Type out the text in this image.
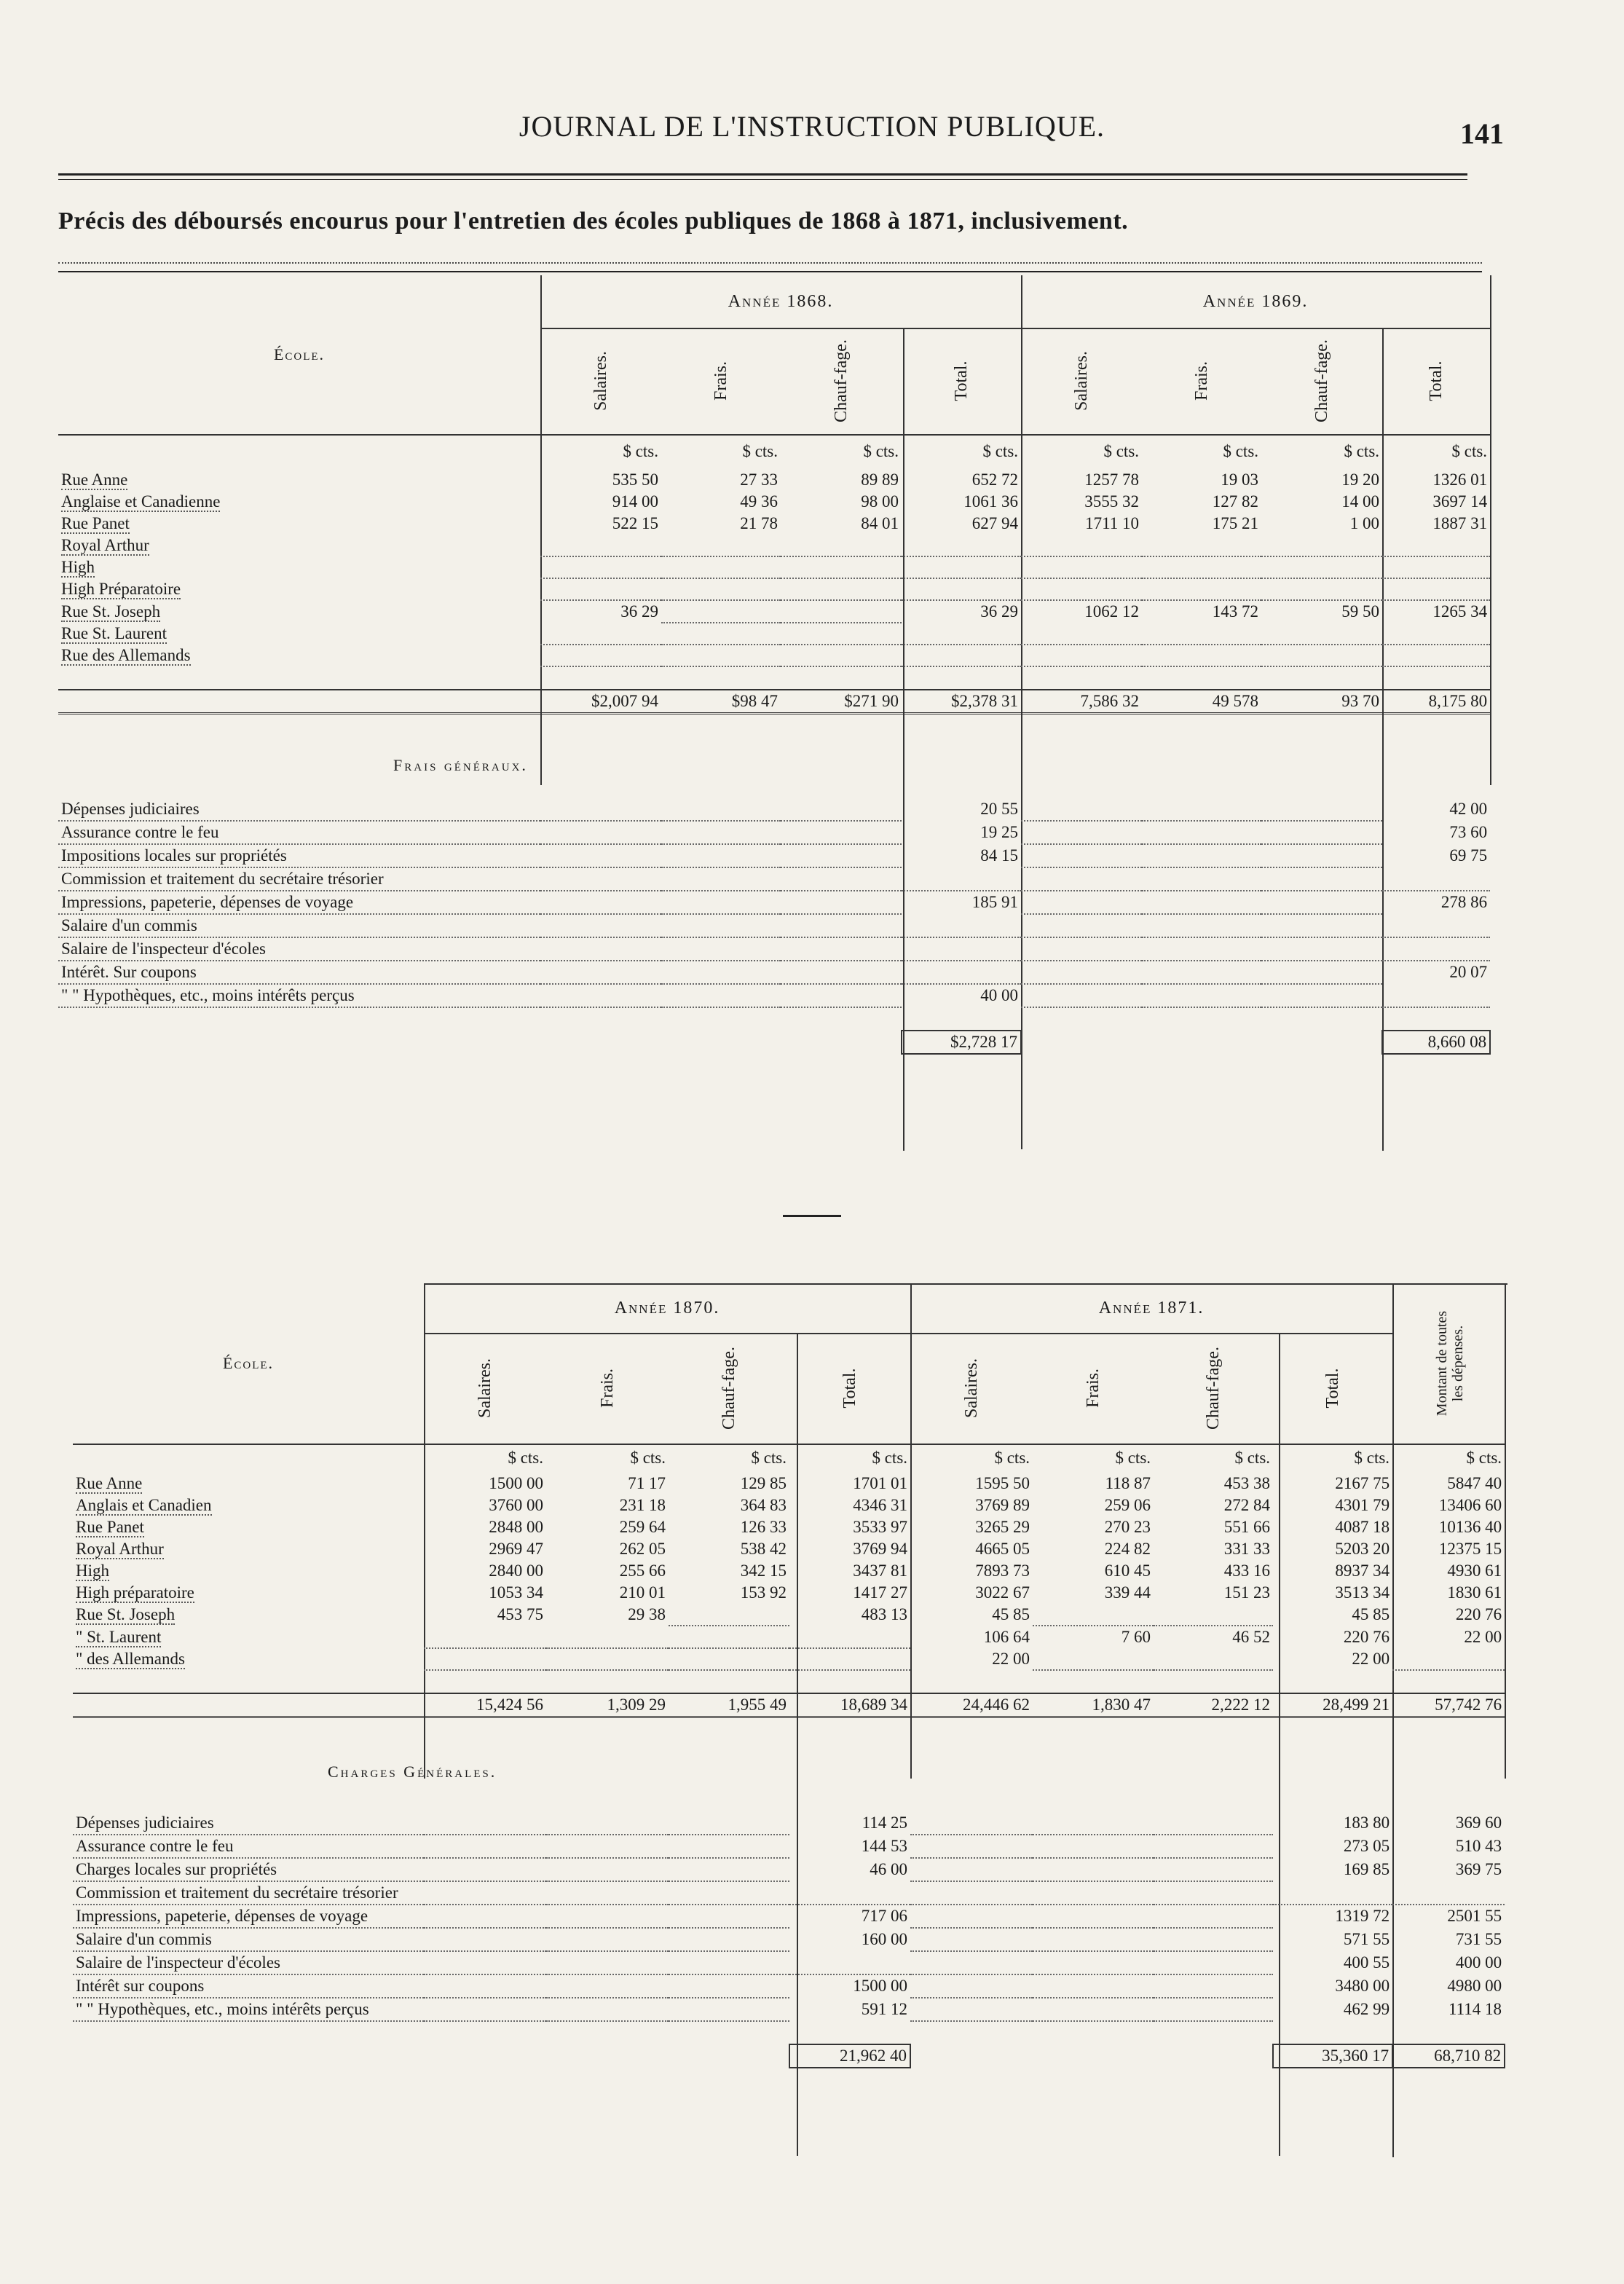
JOURNAL DE L'INSTRUCTION PUBLIQUE.	141
Précis des déboursés encourus pour l'entretien des écoles publiques de 1868 à 1871, inclusivement.
École.	Année 1868.				Année 1869.			

	Salaires.	Frais.	Chauf-fage.	Total.	Salaires.	Frais.	Chauf-fage.	Total.

	$ cts.	$ cts.	$ cts.	$ cts.	$ cts.	$ cts.	$ cts.	$ cts.
Rue Anne	535 50	27 33	89 89	652 72	1257 78	19 03	19 20	1326 01
Anglaise et Canadienne	914 00	49 36	98 00	1061 36	3555 32	127 82	14 00	3697 14
Rue Panet	522 15	21 78	84 01	627 94	1711 10	175 21	1 00	1887 31
Royal Arthur								
High								
High Préparatoire								
Rue St. Joseph	36 29			36 29	1062 12	143 72	59 50	1265 34
Rue St. Laurent								
Rue des Allemands								

	$2,007 94	$98 47	$271 90	$2,378 31	7,586 32	49 578	93 70	8,175 80

Frais généraux.								

Dépenses judiciaires				20 55				42 00
Assurance contre le feu				19 25				73 60
Impositions locales sur propriétés				84 15				69 75
Commission et traitement du secrétaire trésorier								
Impressions, papeterie, dépenses de voyage				185 91				278 86
Salaire d'un commis								
Salaire de l'inspecteur d'écoles								
Intérêt. Sur coupons								20 07
" " Hypothèques, etc., moins intérêts perçus				40 00				

				$2,728 17				8,660 08
École.	Année 1870.				Année 1871.				Montant de toutes les dépenses.

	Salaires.	Frais.	Chauf-fage.	Total.	Salaires.	Frais.	Chauf-fage.	Total.	

	$ cts.	$ cts.	$ cts.	$ cts.	$ cts.	$ cts.	$ cts.	$ cts.	$ cts.
Rue Anne	1500 00	71 17	129 85	1701 01	1595 50	118 87	453 38	2167 75	5847 40
Anglais et Canadien	3760 00	231 18	364 83	4346 31	3769 89	259 06	272 84	4301 79	13406 60
Rue Panet	2848 00	259 64	126 33	3533 97	3265 29	270 23	551 66	4087 18	10136 40
Royal Arthur	2969 47	262 05	538 42	3769 94	4665 05	224 82	331 33	5203 20	12375 15
High	2840 00	255 66	342 15	3437 81	7893 73	610 45	433 16	8937 34	4930 61
High préparatoire	1053 34	210 01	153 92	1417 27	3022 67	339 44	151 23	3513 34	1830 61
Rue St. Joseph	453 75	29 38		483 13	45 85			45 85	220 76
" St. Laurent					106 64	7 60	46 52	220 76	22 00
" des Allemands					22 00			22 00	

	15,424 56	1,309 29	1,955 49	18,689 34	24,446 62	1,830 47	2,222 12	28,499 21	57,742 76

Charges Générales.									

Dépenses judiciaires				114 25				183 80	369 60
Assurance contre le feu				144 53				273 05	510 43
Charges locales sur propriétés				46 00				169 85	369 75
Commission et traitement du secrétaire trésorier									
Impressions, papeterie, dépenses de voyage				717 06				1319 72	2501 55
Salaire d'un commis				160 00				571 55	731 55
Salaire de l'inspecteur d'écoles								400 55	400 00
Intérêt sur coupons				1500 00				3480 00	4980 00
" " Hypothèques, etc., moins intérêts perçus				591 12				462 99	1114 18

				21,962 40				35,360 17	68,710 82
